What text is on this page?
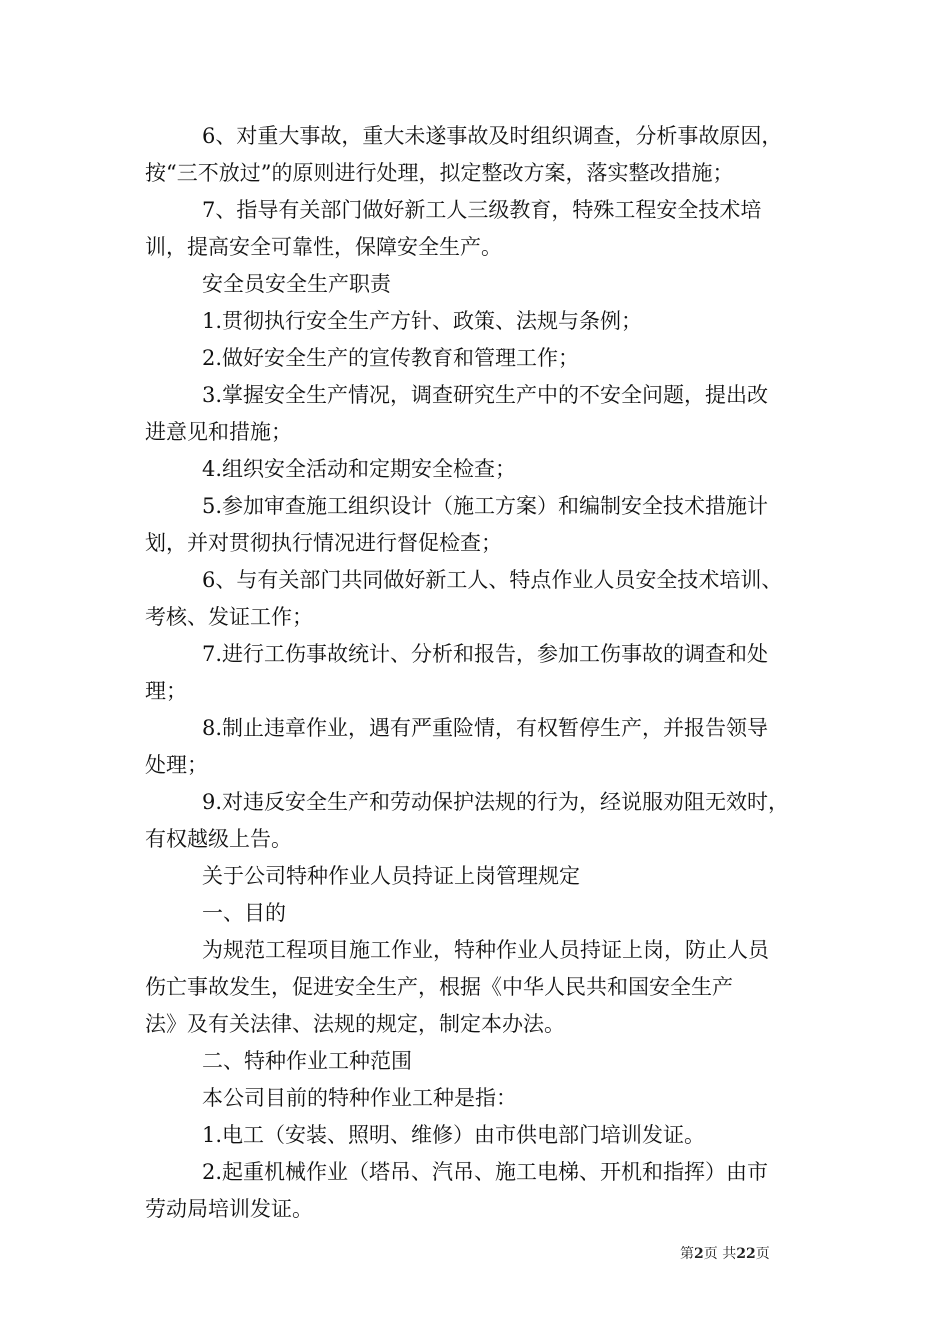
6、对重大事故，重大未遂事故及时组织调查，分析事故原因，
按“三不放过”的原则进行处理，拟定整改方案，落实整改措施；
7、指导有关部门做好新工人三级教育，特殊工程安全技术培
训，提高安全可靠性，保障安全生产。
安全员安全生产职责
1.贯彻执行安全生产方针、政策、法规与条例；
2.做好安全生产的宣传教育和管理工作；
3.掌握安全生产情况，调查研究生产中的不安全问题，提出改
进意见和措施；
4.组织安全活动和定期安全检查；
5.参加审查施工组织设计（施工方案）和编制安全技术措施计
划，并对贯彻执行情况进行督促检查；
6、与有关部门共同做好新工人、特点作业人员安全技术培训、
考核、发证工作；
7.进行工伤事故统计、分析和报告，参加工伤事故的调查和处
理；
8.制止违章作业，遇有严重险情，有权暂停生产，并报告领导
处理；
9.对违反安全生产和劳动保护法规的行为，经说服劝阻无效时，
有权越级上告。
关于公司特种作业人员持证上岗管理规定
一、目的
为规范工程项目施工作业，特种作业人员持证上岗，防止人员
伤亡事故发生，促进安全生产，根据《中华人民共和国安全生产
法》及有关法律、法规的规定，制定本办法。
二、特种作业工种范围
本公司目前的特种作业工种是指：
1.电工（安装、照明、维修）由市供电部门培训发证。
2.起重机械作业（塔吊、汽吊、施工电梯、开机和指挥）由市
劳动局培训发证。
第2页 共22页
